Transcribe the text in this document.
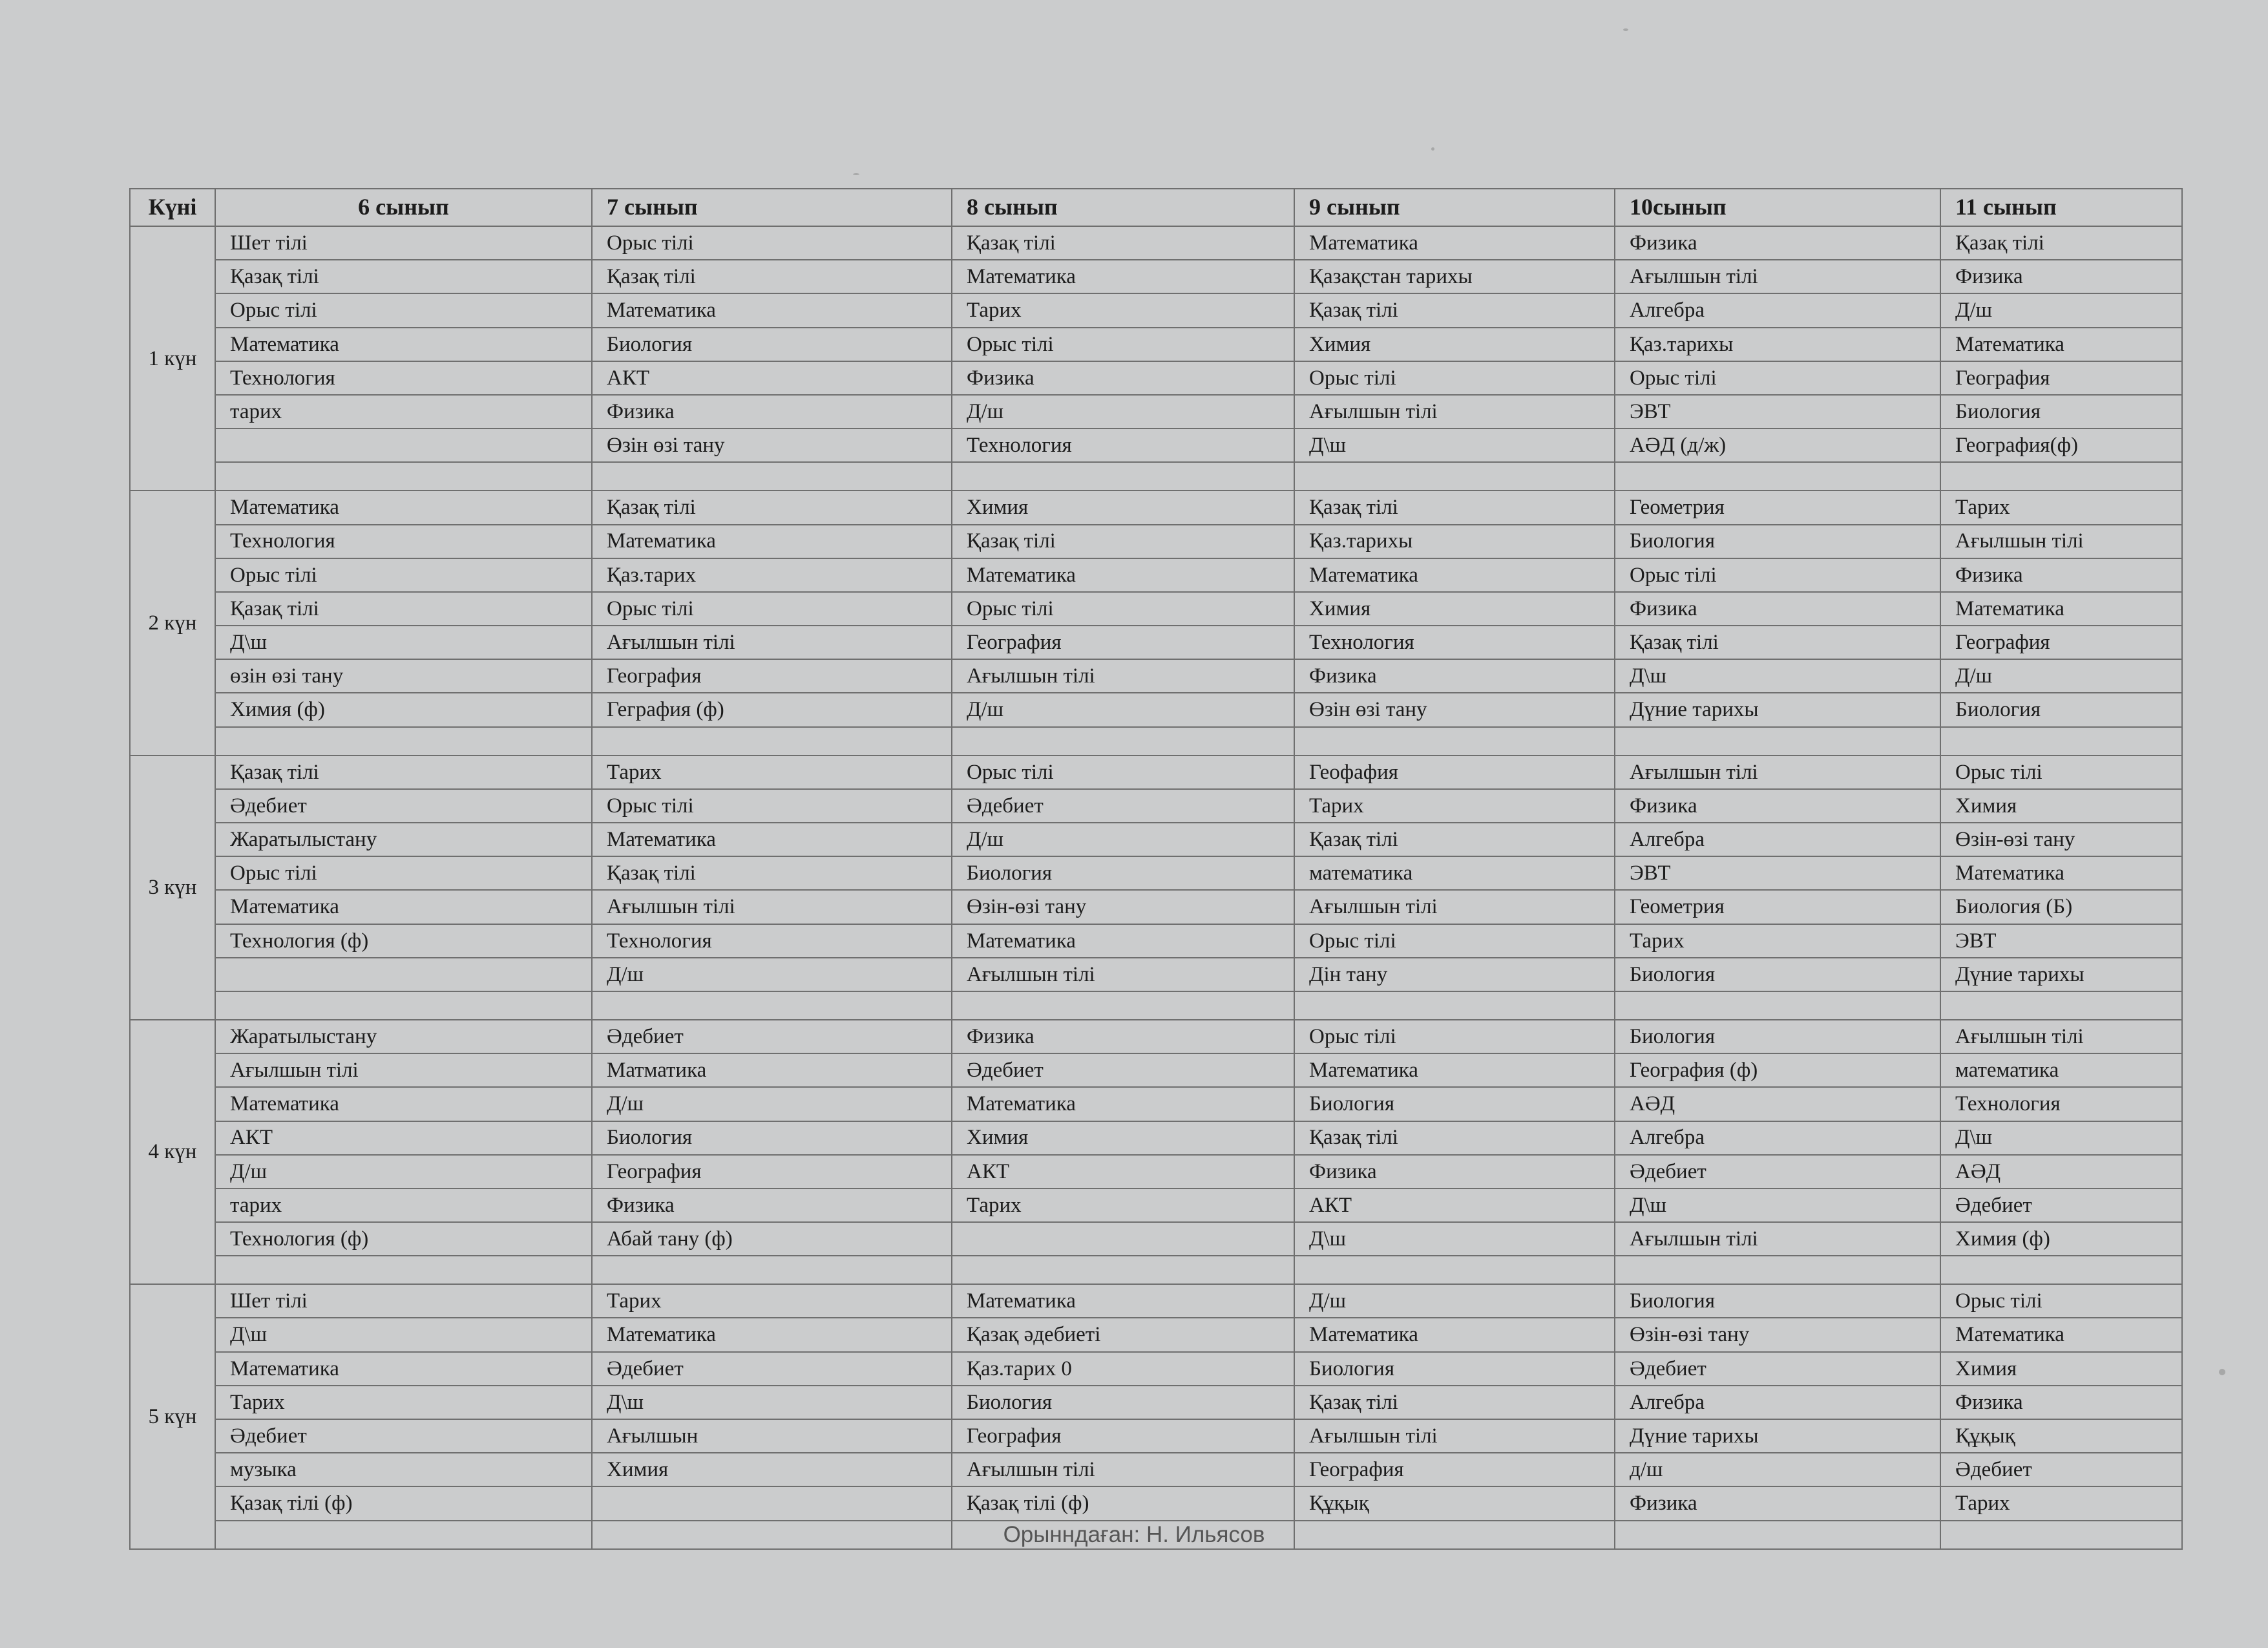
Күні	6 сынып	7 сынып	8 сынып	9 сынып	10сынып	11 сынып
1 күн	Шет тілі	Орыс тілі	Қазақ тілі	Математика	Физика	Қазақ тілі
	Қазақ тілі	Қазақ тілі	Математика	Қазақстан тарихы	Ағылшын тілі	Физика
	Орыс тілі	Математика	Тарих	Қазақ тілі	Алгебра	Д/ш
	Математика	Биология	Орыс тілі	Химия	Қаз.тарихы	Математика
	Технология	АКТ	Физика	Орыс тілі	Орыс тілі	География
	тарих	Физика	Д/ш	Ағылшын тілі	ЭВТ	Биология
		Өзін өзі тану	Технология	Д\ш	АӘД (д/ж)	География(ф)

2 күн	Математика	Қазақ тілі	Химия	Қазақ тілі	Геометрия	Тарих
	Технология	Математика	Қазақ тілі	Қаз.тарихы	Биология	Ағылшын тілі
	Орыс тілі	Қаз.тарих	Математика	Математика	Орыс тілі	Физика
	Қазақ тілі	Орыс тілі	Орыс тілі	Химия	Физика	Математика
	Д\ш	Ағылшын тілі	География	Технология	Қазақ тілі	География
	өзін өзі тану	География	Ағылшын тілі	Физика	Д\ш	Д/ш
	Химия (ф)	Геграфия (ф)	Д/ш	Өзін өзі тану	Дүние тарихы	Биология

3 күн	Қазақ тілі	Тарих	Орыс тілі	Геофафия	Ағылшын тілі	Орыс тілі
	Әдебиет	Орыс тілі	Әдебиет	Тарих	Физика	Химия
	Жаратылыстану	Математика	Д/ш	Қазақ тілі	Алгебра	Өзін-өзі тану
	Орыс тілі	Қазақ тілі	Биология	математика	ЭВТ	Математика
	Математика	Ағылшын тілі	Өзін-өзі тану	Ағылшын тілі	Геометрия	Биология (Б)
	Технология (ф)	Технология	Математика	Орыс тілі	Тарих	ЭВТ
		Д/ш	Ағылшын тілі	Дін тану	Биология	Дүние тарихы

4 күн	Жаратылыстану	Әдебиет	Физика	Орыс тілі	Биология	Ағылшын тілі
	Ағылшын тілі	Матматика	Әдебиет	Математика	География (ф)	математика
	Математика	Д/ш	Математика	Биология	АӘД	Технология
	АКТ	Биология	Химия	Қазақ тілі	Алгебра	Д\ш
	Д/ш	География	АКТ	Физика	Әдебиет	АӘД
	тарих	Физика	Тарих	АКТ	Д\ш	Әдебиет
	Технология (ф)	Абай тану (ф)		Д\ш	Ағылшын тілі	Химия (ф)

5 күн	Шет тілі	Тарих	Математика	Д/ш	Биология	Орыс тілі
	Д\ш	Математика	Қазақ әдебиеті	Математика	Өзін-өзі тану	Математика
	Математика	Әдебиет	Қаз.тарих 0	Биология	Әдебиет	Химия
	Тарих	Д\ш	Биология	Қазақ тілі	Алгебра	Физика
	Әдебиет	Ағылшын	География	Ағылшын тілі	Дүние тарихы	Құқық
	музыка	Химия	Ағылшын тілі	География	д/ш	Әдебиет
	Қазақ тілі (ф)		Қазақ тілі (ф)	Құқық	Физика	Тарих

Орынндаған: Н. Ильясов
